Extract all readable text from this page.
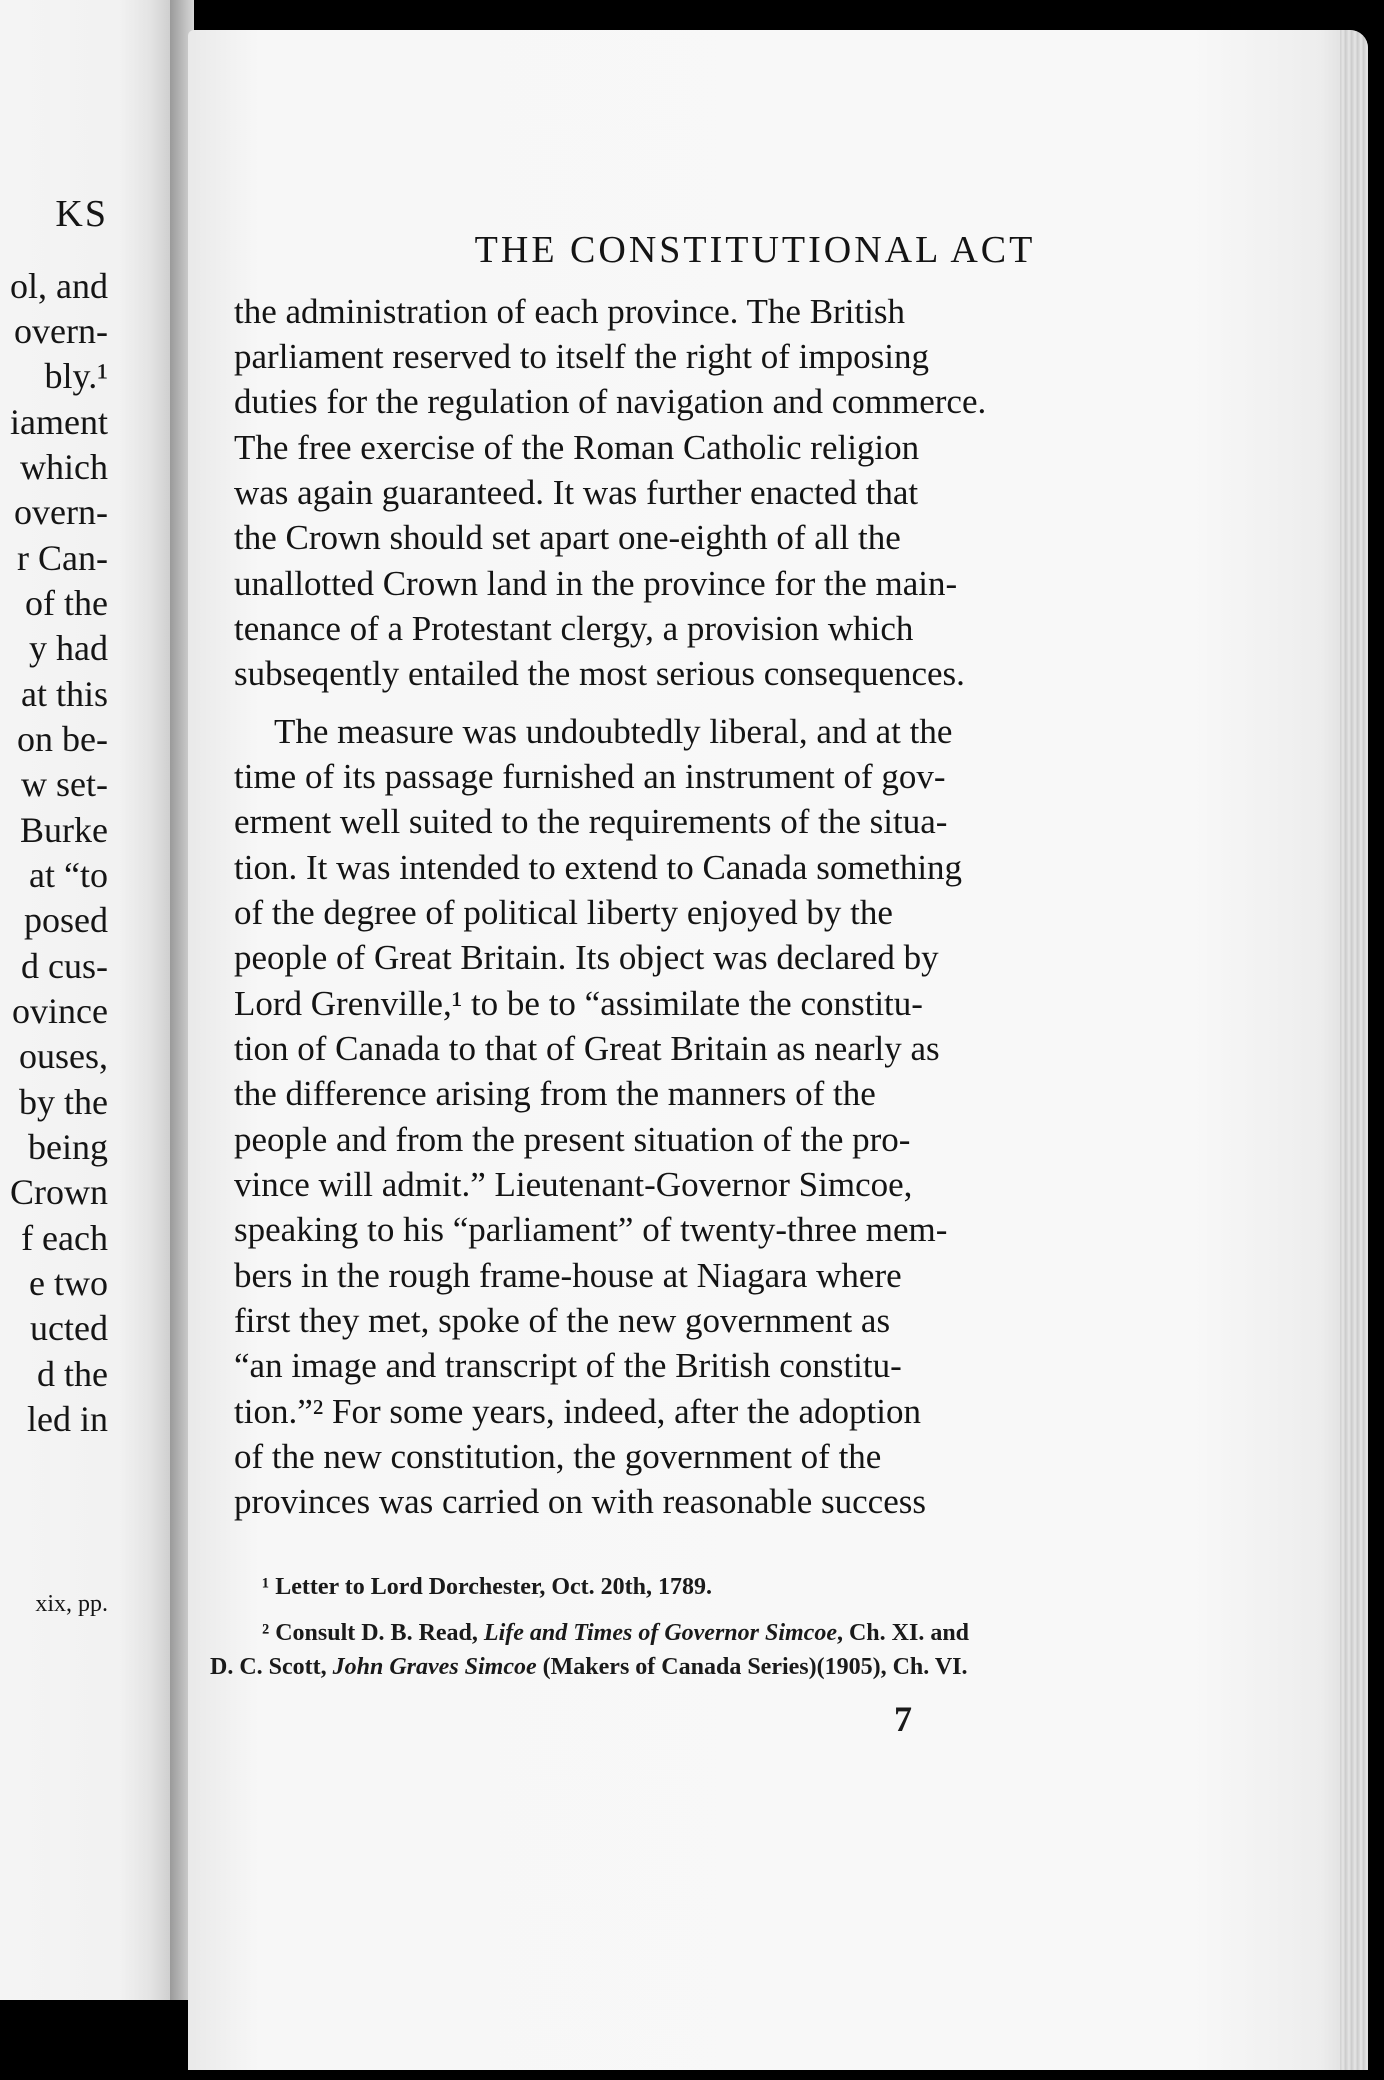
KS
ol, and
overn-
bly.¹
iament
which
overn-
r Can-
of the
y had
at this
on be-
w set-
Burke
at “to
posed
d cus-
ovince
ouses,
by the
being
Crown
f each
e two
ucted
d the
led in
xix, pp.
THE CONSTITUTIONAL ACT
the administration of each province. The British
parliament reserved to itself the right of imposing
duties for the regulation of navigation and commerce.
The free exercise of the Roman Catholic religion
was again guaranteed. It was further enacted that
the Crown should set apart one-eighth of all the
unallotted Crown land in the province for the main-
tenance of a Protestant clergy, a provision which
subseqently entailed the most serious consequences.
The measure was undoubtedly liberal, and at the
time of its passage furnished an instrument of gov-
erment well suited to the requirements of the situa-
tion. It was intended to extend to Canada something
of the degree of political liberty enjoyed by the
people of Great Britain. Its object was declared by
Lord Grenville,¹ to be to “assimilate the constitu-
tion of Canada to that of Great Britain as nearly as
the difference arising from the manners of the
people and from the present situation of the pro-
vince will admit.” Lieutenant-Governor Simcoe,
speaking to his “parliament” of twenty-three mem-
bers in the rough frame-house at Niagara where
first they met, spoke of the new government as
“an image and transcript of the British constitu-
tion.”² For some years, indeed, after the adoption
of the new constitution, the government of the
provinces was carried on with reasonable success
¹ Letter to Lord Dorchester, Oct. 20th, 1789.
² Consult D. B. Read, Life and Times of Governor Simcoe, Ch. XI. and
D. C. Scott, John Graves Simcoe (Makers of Canada Series)(1905), Ch. VI.
7
